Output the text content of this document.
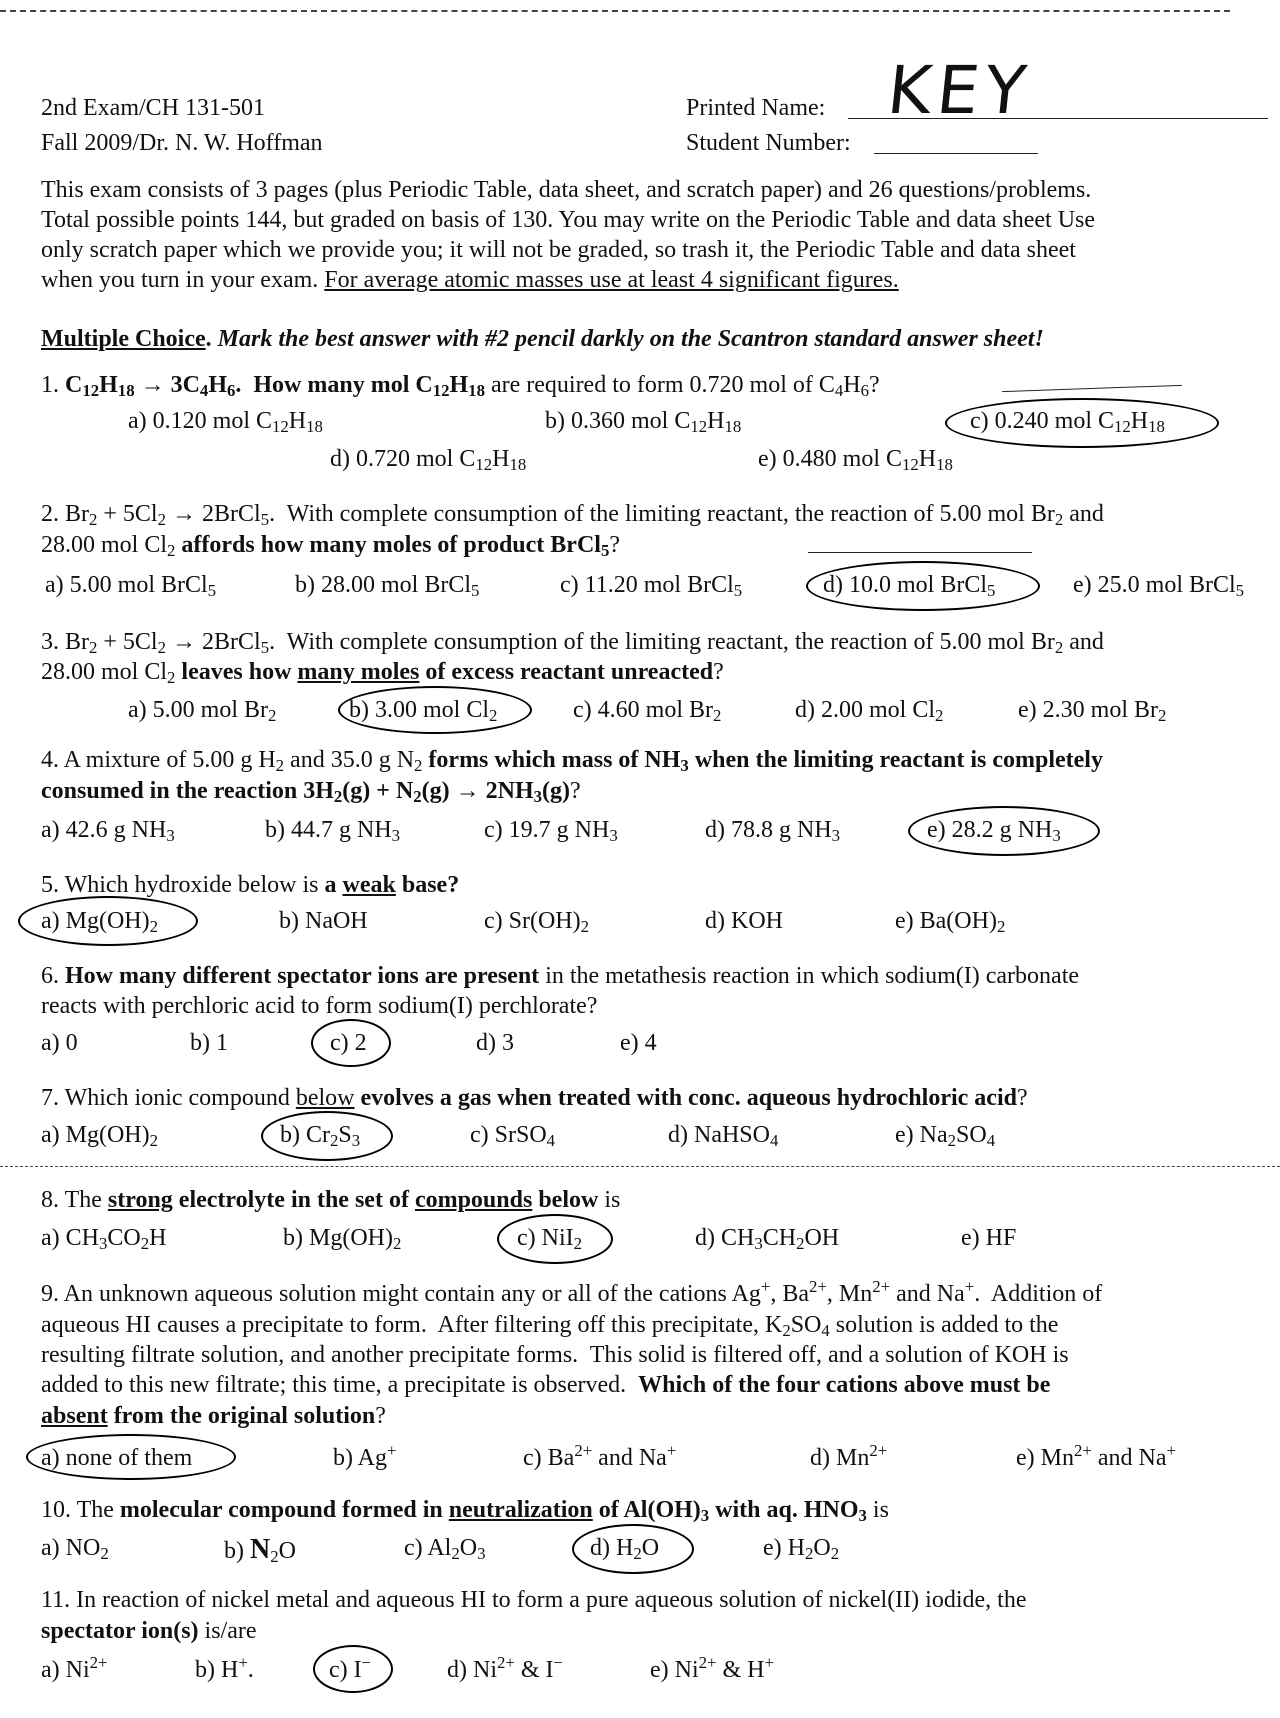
2nd Exam/CH 131-501
Fall 2009/Dr. N. W. Hoffman
Printed Name: KEY
Student Number:
This exam consists of 3 pages (plus Periodic Table, data sheet, and scratch paper) and 26 questions/problems.
Total possible points 144, but graded on basis of 130. You may write on the Periodic Table and data sheet Use
only scratch paper which we provide you; it will not be graded, so trash it, the Periodic Table and data sheet
when you turn in your exam. For average atomic masses use at least 4 significant figures.
Multiple Choice. Mark the best answer with #2 pencil darkly on the Scantron standard answer sheet!
1. $C_{12}H_{18} \to 3C_4H_6$.  How many mol $C_{12}H_{18}$ are required to form 0.720 mol of $C_4H_6$?
a) 0.120 mol $C_{12}H_{18}$	b) 0.360 mol $C_{12}H_{18}$	c) 0.240 mol $C_{12}H_{18}$
d) 0.720 mol $C_{12}H_{18}$	e) 0.480 mol $C_{12}H_{18}$
2. $Br_2 + 5Cl_2$ → 2BrCl$_5$.  With complete consumption of the limiting reactant, the reaction of 5.00 mol $Br_2$ and
28.00 mol $Cl_2$ affords how many moles of product BrCl$_5$?
a) 5.00 mol BrCl$_5$	b) 28.00 mol BrCl$_5$	c) 11.20 mol BrCl$_5$	d) 10.0 mol BrCl$_5$	e) 25.0 mol BrCl$_5$
3. $Br_2 + 5Cl_2$ → 2BrCl$_5$.  With complete consumption of the limiting reactant, the reaction of 5.00 mol $Br_2$ and
28.00 mol $Cl_2$ leaves how many moles of excess reactant unreacted?
a) 5.00 mol $Br_2$	b) 3.00 mol $Cl_2$	c) 4.60 mol $Br_2$	d) 2.00 mol $Cl_2$	e) 2.30 mol $Br_2$
4. A mixture of 5.00 g $H_2$ and 35.0 g $N_2$ forms which mass of $NH_3$ when the limiting reactant is completely
consumed in the reaction $3H_2(g) + N_2(g) \to 2NH_3(g)$?
a) 42.6 g $NH_3$	b) 44.7 g $NH_3$	c) 19.7 g $NH_3$	d) 78.8 g $NH_3$	e) 28.2 g $NH_3$
5. Which hydroxide below is a weak base?
a) $Mg(OH)_2$	b) NaOH	c) $Sr(OH)_2$	d) KOH	e) $Ba(OH)_2$
6. How many different spectator ions are present in the metathesis reaction in which sodium(I) carbonate
reacts with perchloric acid to form sodium(I) perchlorate?
a) 0	b) 1	c) 2	d) 3	e) 4
7. Which ionic compound below evolves a gas when treated with conc. aqueous hydrochloric acid?
a) $Mg(OH)_2$	b) $Cr_2S_3$	c) SrSO$_4$	d) NaHSO$_4$	e) $Na_2SO_4$
8. The strong electrolyte in the set of compounds below is
a) $CH_3CO_2H$	b) $Mg(OH)_2$	c) NiI$_2$	d) $CH_3CH_2OH$	e) HF
9. An unknown aqueous solution might contain any or all of the cations Ag+, $Ba^{2+}$, $Mn^{2+}$ and Na+.  Addition of
aqueous HI causes a precipitate to form.  After filtering off this precipitate, $K_2SO_4$ solution is added to the
resulting filtrate solution, and another precipitate forms.  This solid is filtered off, and a solution of KOH is
added to this new filtrate; this time, a precipitate is observed.  Which of the four cations above must be
absent from the original solution?
a) none of them	b) Ag+	c) $Ba^{2+}$ and Na+	d) $Mn^{2+}$	e) $Mn^{2+}$ and Na+
10. The molecular compound formed in neutralization of $Al(OH)_3$ with aq. $HNO_3$ is
a) $NO_2$	b) $N_2O$	c) $Al_2O_3$	d) $H_2O$	e) $H_2O_2$
11. In reaction of nickel metal and aqueous HI to form a pure aqueous solution of nickel(II) iodide, the
spectator ion(s) is/are
a) $Ni^{2+}$	b) H+.	c) I−	d) $Ni^{2+}$ & I−	e) $Ni^{2+}$ & H+
